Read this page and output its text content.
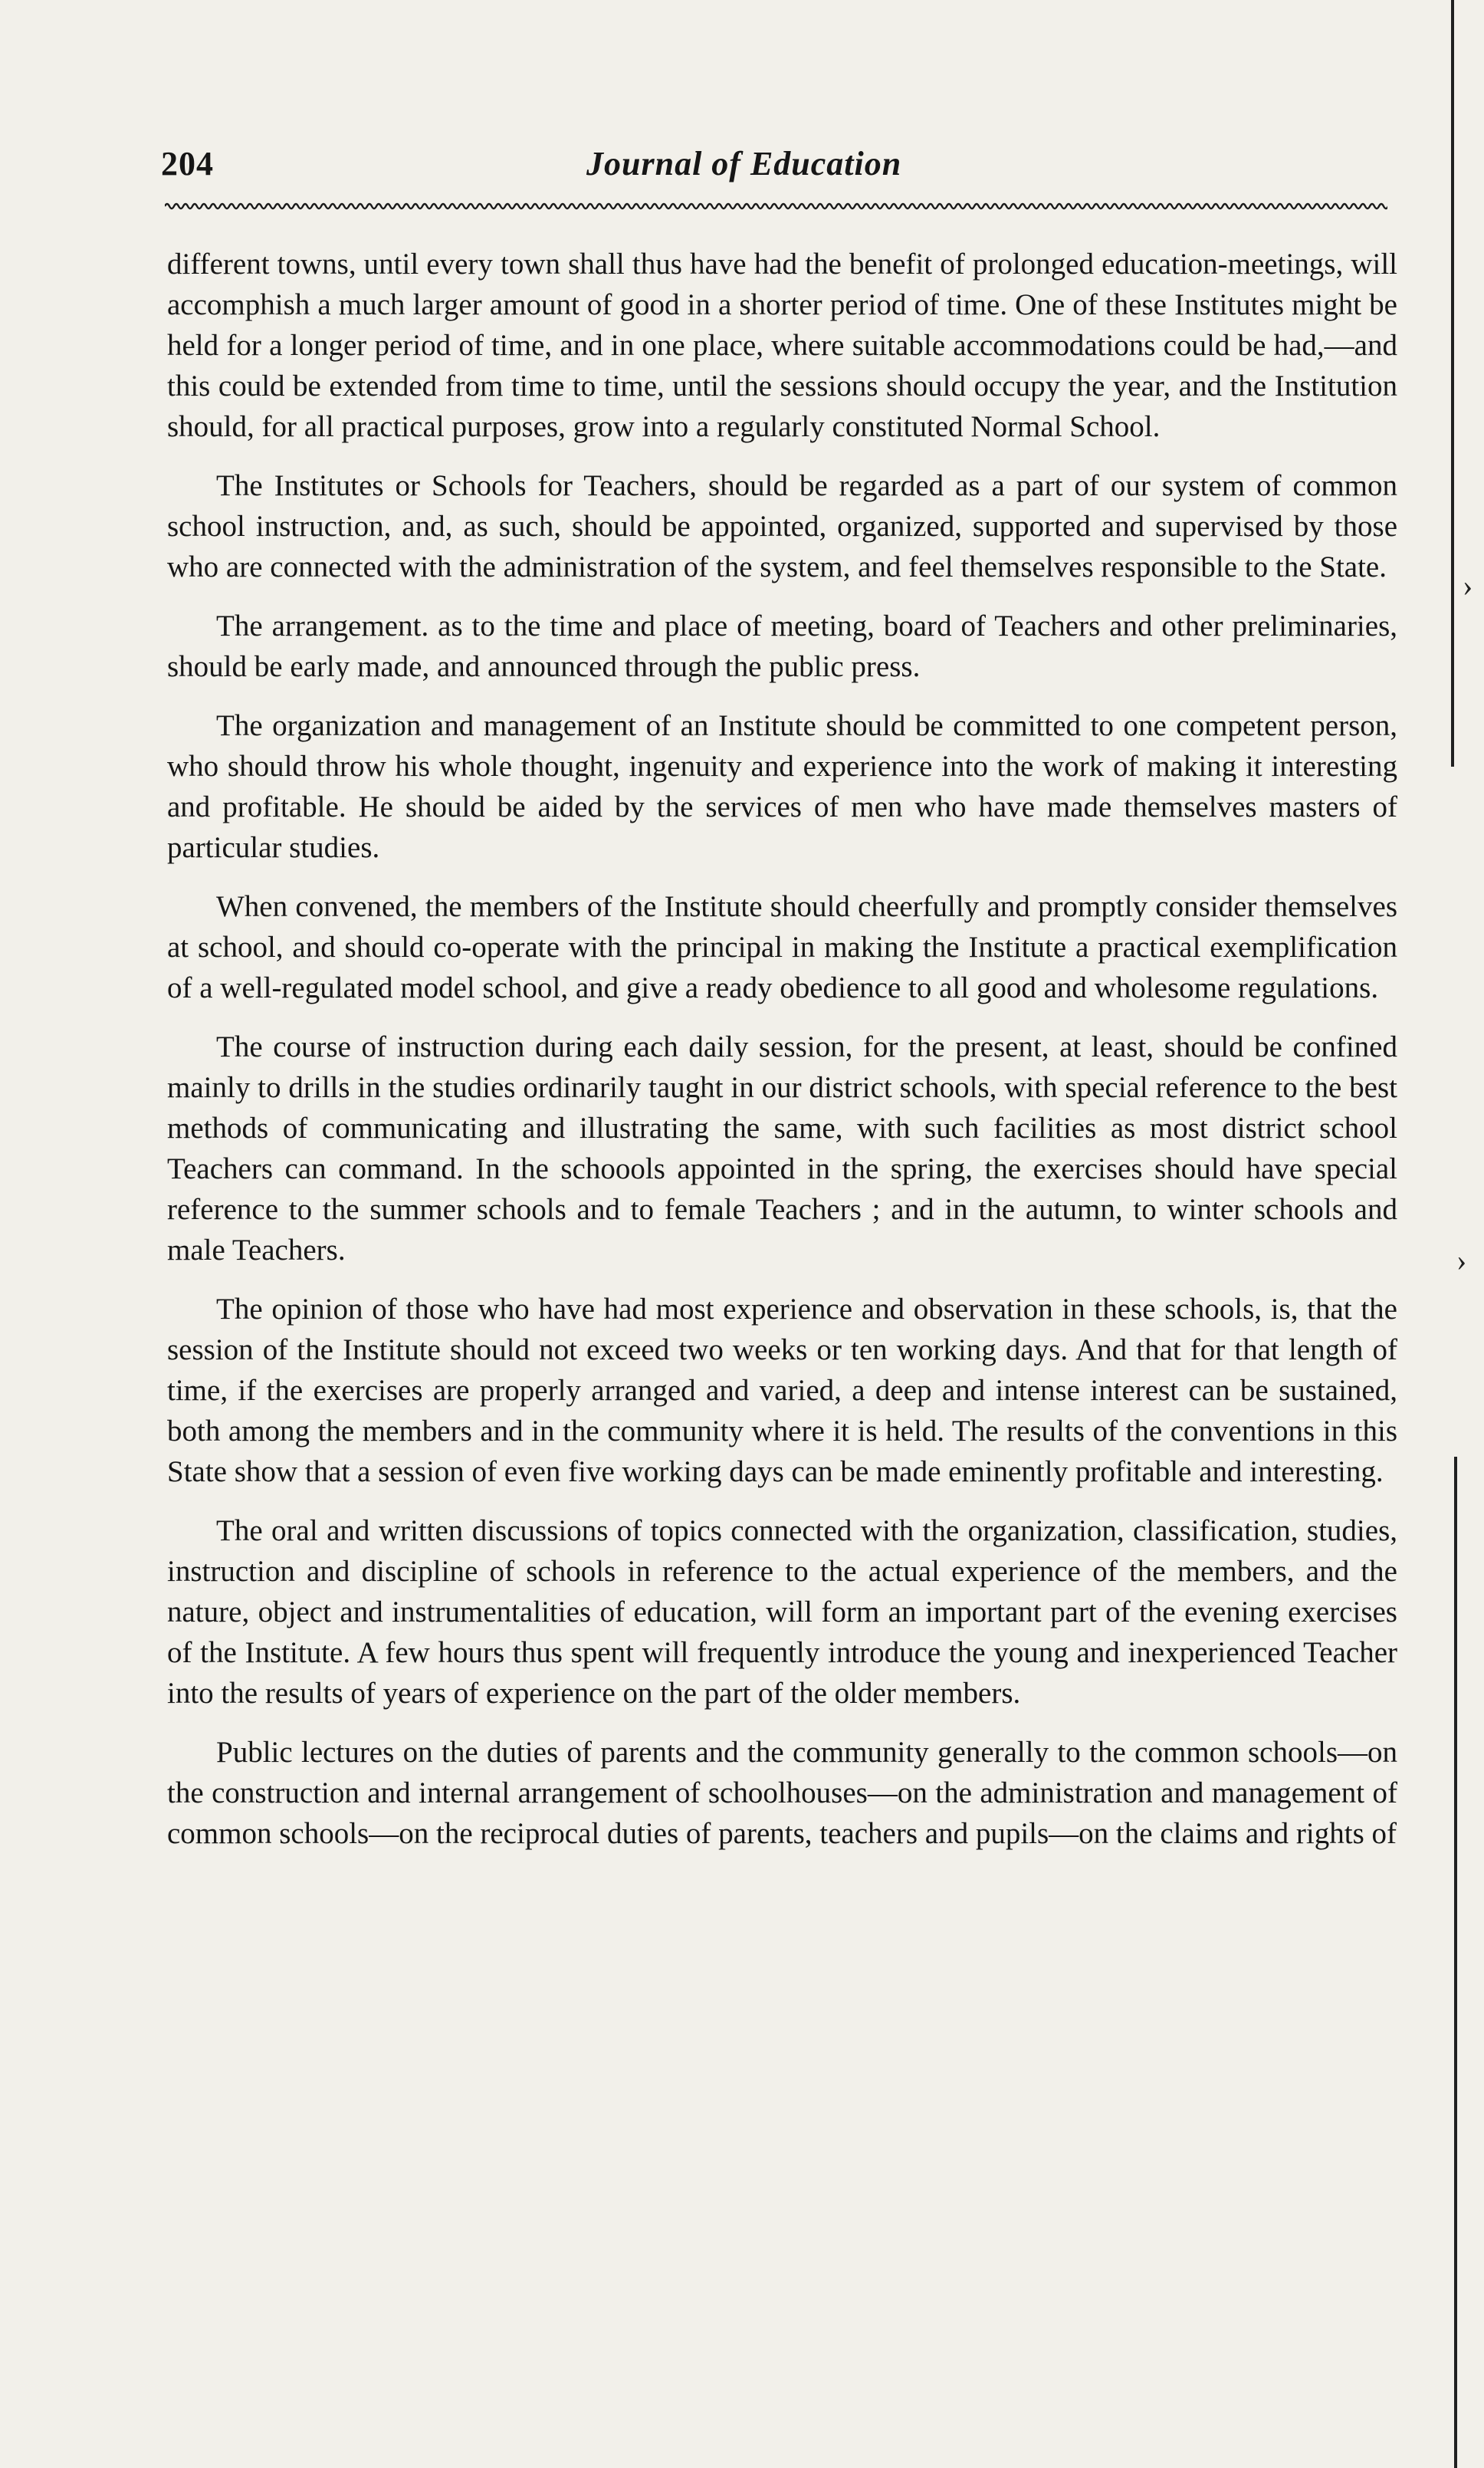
204	Journal of Education

different towns, until every town shall thus have had the benefit of prolonged education-meetings, will accomphish a much larger amount of good in a shorter period of time. One of these Institutes might be held for a longer period of time, and in one place, where suitable accommodations could be had,—and this could be extended from time to time, until the sessions should occupy the year, and the Institution should, for all practical purposes, grow into a regularly constituted Normal School.

The Institutes or Schools for Teachers, should be regarded as a part of our system of common school instruction, and, as such, should be appointed, organized, supported and supervised by those who are connected with the administration of the system, and feel themselves responsible to the State.

The arrangement. as to the time and place of meeting, board of Teachers and other preliminaries, should be early made, and announced through the public press.

The organization and management of an Institute should be committed to one competent person, who should throw his whole thought, ingenuity and experience into the work of making it interesting and profitable. He should be aided by the services of men who have made themselves masters of particular studies.

When convened, the members of the Institute should cheerfully and promptly consider themselves at school, and should co-operate with the principal in making the Institute a practical exemplification of a well-regulated model school, and give a ready obedience to all good and wholesome regulations.

The course of instruction during each daily session, for the present, at least, should be confined mainly to drills in the studies ordinarily taught in our district schools, with special reference to the best methods of communicating and illustrating the same, with such facilities as most district school Teachers can command. In the schoools appointed in the spring, the exercises should have special reference to the summer schools and to female Teachers ; and in the autumn, to winter schools and male Teachers.

The opinion of those who have had most experience and observation in these schools, is, that the session of the Institute should not exceed two weeks or ten working days. And that for that length of time, if the exercises are properly arranged and varied, a deep and intense interest can be sustained, both among the members and in the community where it is held. The results of the conventions in this State show that a session of even five working days can be made eminently profitable and interesting.

The oral and written discussions of topics connected with the organization, classification, studies, instruction and discipline of schools in reference to the actual experience of the members, and the nature, object and instrumentalities of education, will form an important part of the evening exercises of the Institute. A few hours thus spent will frequently introduce the young and inexperienced Teacher into the results of years of experience on the part of the older members.

Public lectures on the duties of parents and the community generally to the common schools—on the construction and internal arrangement of schoolhouses—on the administration and management of common schools—on the reciprocal duties of parents, teachers and pupils—on the claims and rights of

›
›
